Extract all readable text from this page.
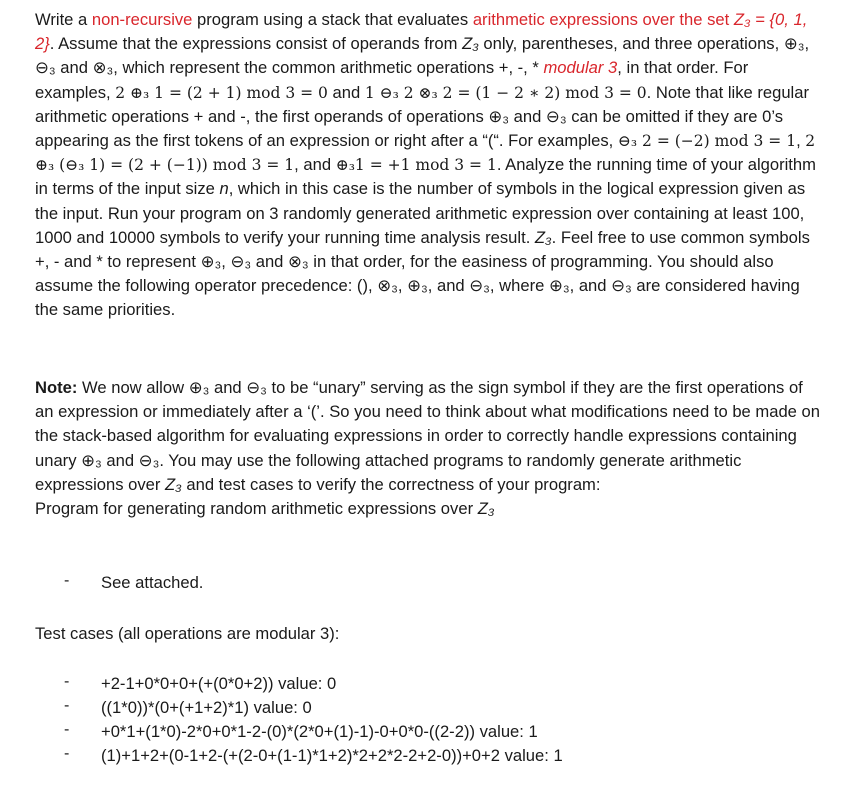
Write a non-recursive program using a stack that evaluates arithmetic expressions over the set Z₃ = {0, 1, 2}. Assume that the expressions consist of operands from Z₃ only, parentheses, and three operations, ⊕₃, ⊖₃ and ⊗₃, which represent the common arithmetic operations +, -, * modular 3, in that order. For examples, 2 ⊕₃ 1 = (2 + 1) mod 3 = 0 and 1 ⊖₃ 2 ⊗₃ 2 = (1 − 2 ∗ 2) mod 3 = 0. Note that like regular arithmetic operations + and -, the first operands of operations ⊕₃ and ⊖₃ can be omitted if they are 0’s appearing as the first tokens of an expression or right after a “(“. For examples, ⊖₃ 2 = (−2) mod 3 = 1, 2 ⊕₃ (⊖₃ 1) = (2 + (−1)) mod 3 = 1, and ⊕₃1 = +1 mod 3 = 1. Analyze the running time of your algorithm in terms of the input size n, which in this case is the number of symbols in the logical expression given as the input. Run your program on 3 randomly generated arithmetic expression over containing at least 100, 1000 and 10000 symbols to verify your running time analysis result. Z₃. Feel free to use common symbols +, - and * to represent ⊕₃, ⊖₃ and ⊗₃ in that order, for the easiness of programming. You should also assume the following operator precedence: (), ⊗₃, ⊕₃, and ⊖₃, where ⊕₃, and ⊖₃ are considered having the same priorities.
Note: We now allow ⊕₃ and ⊖₃ to be “unary” serving as the sign symbol if they are the first operations of an expression or immediately after a ‘(’. So you need to think about what modifications need to be made on the stack-based algorithm for evaluating expressions in order to correctly handle expressions containing unary ⊕₃ and ⊖₃. You may use the following attached programs to randomly generate arithmetic expressions over Z₃ and test cases to verify the correctness of your program:
Program for generating random arithmetic expressions over Z₃
- See attached.
Test cases (all operations are modular 3):
- +2-1+0*0+0+(+(0*0+2)) value: 0
- ((1*0))*(0+(+1+2)*1) value: 0
- +0*1+(1*0)-2*0+0*1-2-(0)*(2*0+(1)-1)-0+0*0-((2-2)) value: 1
- (1)+1+2+(0-1+2-(+(2-0+(1-1)*1+2)*2+2*2-2+2-0))+0+2 value: 1
